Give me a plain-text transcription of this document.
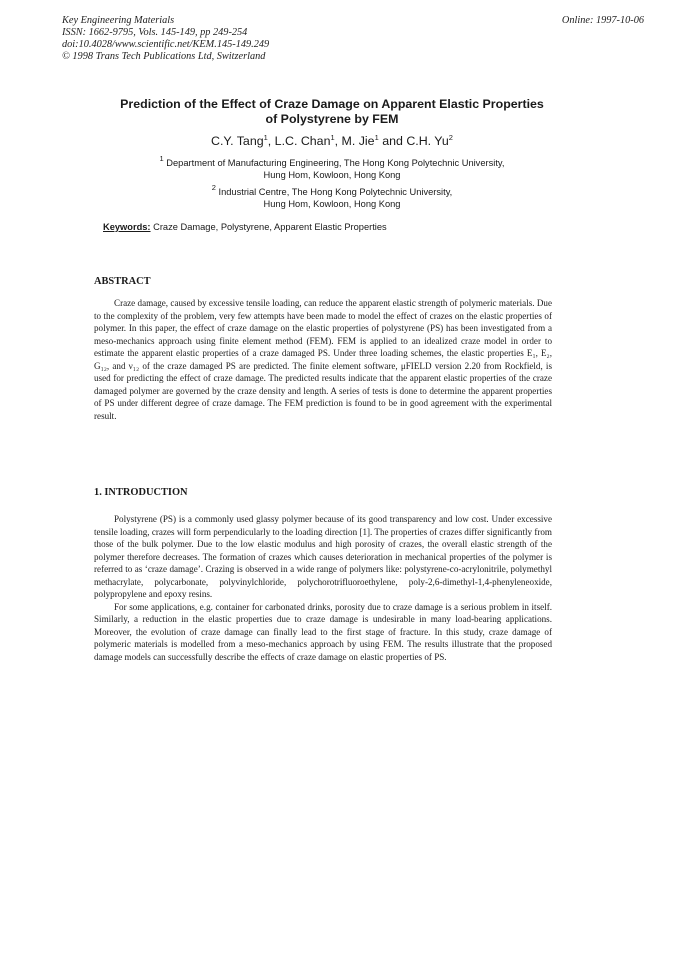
Key Engineering Materials
ISSN: 1662-9795, Vols. 145-149, pp 249-254
doi:10.4028/www.scientific.net/KEM.145-149.249
© 1998 Trans Tech Publications Ltd, Switzerland
Online: 1997-10-06
Prediction of the Effect of Craze Damage on Apparent Elastic Properties
of Polystyrene by FEM
C.Y. Tang$^1$, L.C. Chan$^1$, M. Jie$^1$ and C.H. Yu$^2$
$^1$ Department of Manufacturing Engineering, The Hong Kong Polytechnic University,
Hung Hom, Kowloon, Hong Kong
$^2$ Industrial Centre, The Hong Kong Polytechnic University,
Hung Hom, Kowloon, Hong Kong
Keywords: Craze Damage, Polystyrene, Apparent Elastic Properties
ABSTRACT

Craze damage, caused by excessive tensile loading, can reduce the apparent elastic strength of polymeric materials. Due to the complexity of the problem, very few attempts have been made to model the effect of crazes on the elastic properties of polymer. In this paper, the effect of craze damage on the elastic properties of polystyrene (PS) has been investigated from a meso-mechanics approach using finite element method (FEM). FEM is applied to an idealized craze model in order to estimate the apparent elastic properties of a craze damaged PS. Under three loading schemes, the elastic properties E₁, E₂, G₁₂, and ν₁₂ of the craze damaged PS are predicted. The finite element software, μFIELD version 2.20 from Rockfield, is used for predicting the effect of craze damage. The predicted results indicate that the apparent elastic properties of the craze damaged polymer are governed by the craze density and length. A series of tests is done to determine the apparent properties of PS under different degree of craze damage. The FEM prediction is found to be in good agreement with the experimental result.

1. INTRODUCTION

Polystyrene (PS) is a commonly used glassy polymer because of its good transparency and low cost. Under excessive tensile loading, crazes will form perpendicularly to the loading direction [1]. The properties of crazes differ significantly from those of the bulk polymer. Due to the low elastic modulus and high porosity of crazes, the overall elastic strength of the polymer therefore decreases. The formation of crazes which causes deterioration in mechanical properties of the polymer is referred to as ‘craze damage’. Crazing is observed in a wide range of polymers like: polystyrene-co-acrylonitrile, polymethyl methacrylate, polycarbonate, polyvinylchloride, polychorotrifluoroethylene, poly-2,6-dimethyl-1,4-phenyleneoxide, polypropylene and epoxy resins.

For some applications, e.g. container for carbonated drinks, porosity due to craze damage is a serious problem in itself. Similarly, a reduction in the elastic properties due to craze damage is undesirable in many load-bearing applications. Moreover, the evolution of craze damage can finally lead to the first stage of fracture. In this study, craze damage of polymeric materials is modelled from a meso-mechanics approach by using FEM. The results illustrate that the proposed damage models can successfully describe the effects of craze damage on elastic properties of PS.
